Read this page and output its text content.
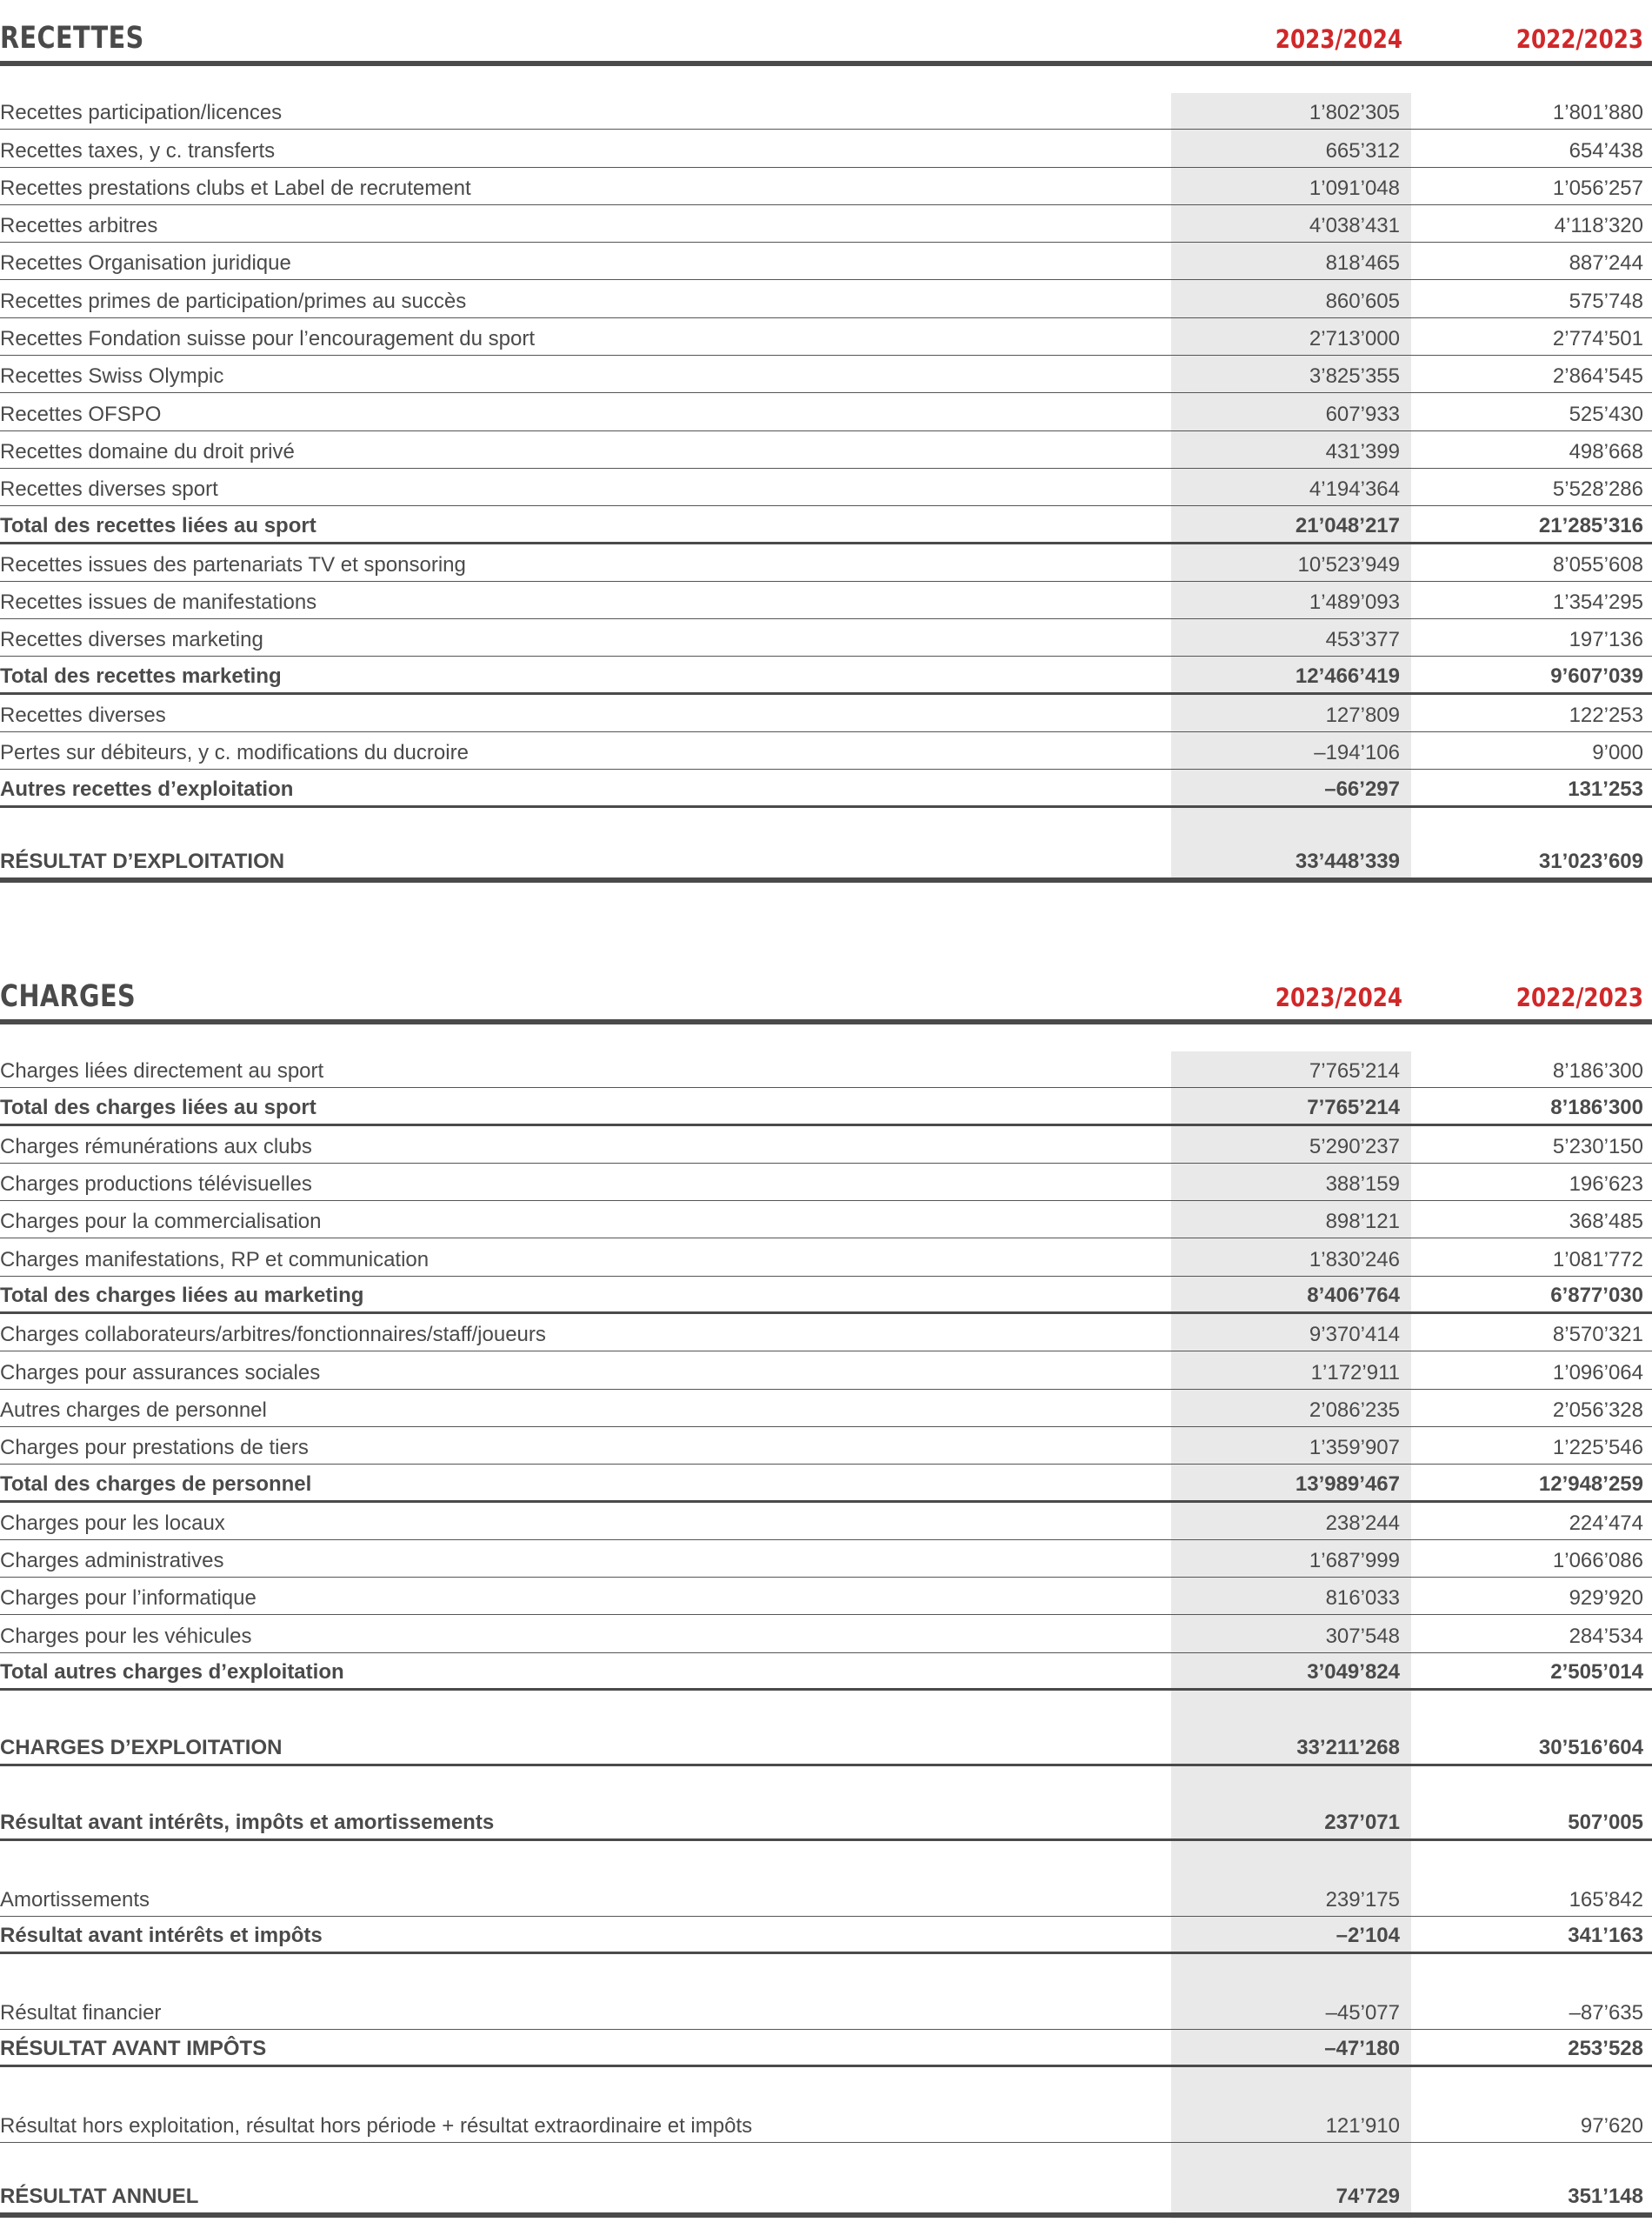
RECETTES	2023/2024	2022/2023
Recettes participation/licences	1’802’305	1’801’880
Recettes taxes, y c. transferts	665’312	654’438
Recettes prestations clubs et Label de recrutement	1’091’048	1’056’257
Recettes arbitres	4’038’431	4’118’320
Recettes Organisation juridique	818’465	887’244
Recettes primes de participation/primes au succès	860’605	575’748
Recettes Fondation suisse pour l’encouragement du sport	2’713’000	2’774’501
Recettes Swiss Olympic	3’825’355	2’864’545
Recettes OFSPO	607’933	525’430
Recettes domaine du droit privé	431’399	498’668
Recettes diverses sport	4’194’364	5’528’286
Total des recettes liées au sport	21’048’217	21’285’316
Recettes issues des partenariats TV et sponsoring	10’523’949	8’055’608
Recettes issues de manifestations	1’489’093	1’354’295
Recettes diverses marketing	453’377	197’136
Total des recettes marketing	12’466’419	9’607’039
Recettes diverses	127’809	122’253
Pertes sur débiteurs, y c. modifications du ducroire	–194’106	9’000
Autres recettes d’exploitation	–66’297	131’253
RÉSULTAT D’EXPLOITATION	33’448’339	31’023’609
CHARGES	2023/2024	2022/2023
Charges liées directement au sport	7’765’214	8’186’300
Total des charges liées au sport	7’765’214	8’186’300
Charges rémunérations aux clubs	5’290’237	5’230’150
Charges productions télévisuelles	388’159	196’623
Charges pour la commercialisation	898’121	368’485
Charges manifestations, RP et communication	1’830’246	1’081’772
Total des charges liées au marketing	8’406’764	6’877’030
Charges collaborateurs/arbitres/fonctionnaires/staff/joueurs	9’370’414	8’570’321
Charges pour assurances sociales	1’172’911	1’096’064
Autres charges de personnel	2’086’235	2’056’328
Charges pour prestations de tiers	1’359’907	1’225’546
Total des charges de personnel	13’989’467	12’948’259
Charges pour les locaux	238’244	224’474
Charges administratives	1’687’999	1’066’086
Charges pour l’informatique	816’033	929’920
Charges pour les véhicules	307’548	284’534
Total autres charges d’exploitation	3’049’824	2’505’014
CHARGES D’EXPLOITATION	33’211’268	30’516’604
Résultat avant intérêts, impôts et amortissements	237’071	507’005
Amortissements	239’175	165’842
Résultat avant intérêts et impôts	–2’104	341’163
Résultat financier	–45’077	–87’635
RÉSULTAT AVANT IMPÔTS	–47’180	253’528
Résultat hors exploitation, résultat hors période + résultat extraordinaire et impôts	121’910	97’620
RÉSULTAT ANNUEL	74’729	351’148
